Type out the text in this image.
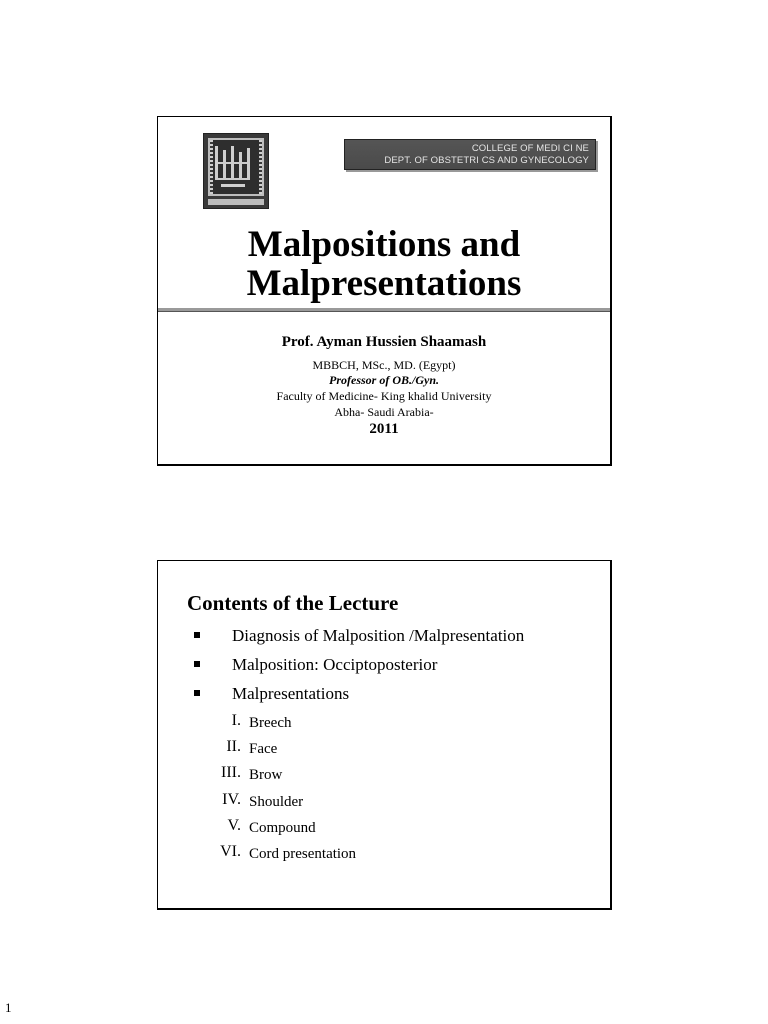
COLLEGE OF MEDI CI NE
DEPT. OF OBSTETRI CS AND GYNECOLOGY
Malpositions and
Malpresentations
Prof. Ayman Hussien Shaamash
MBBCH, MSc., MD. (Egypt)
Professor of OB./Gyn.
Faculty of Medicine- King khalid University
Abha- Saudi Arabia-
2011
Contents of the Lecture
Diagnosis of Malposition /Malpresentation
Malposition: Occiptoposterior
Malpresentations
I. Breech
II. Face
III. Brow
IV. Shoulder
V. Compound
VI. Cord presentation
1
